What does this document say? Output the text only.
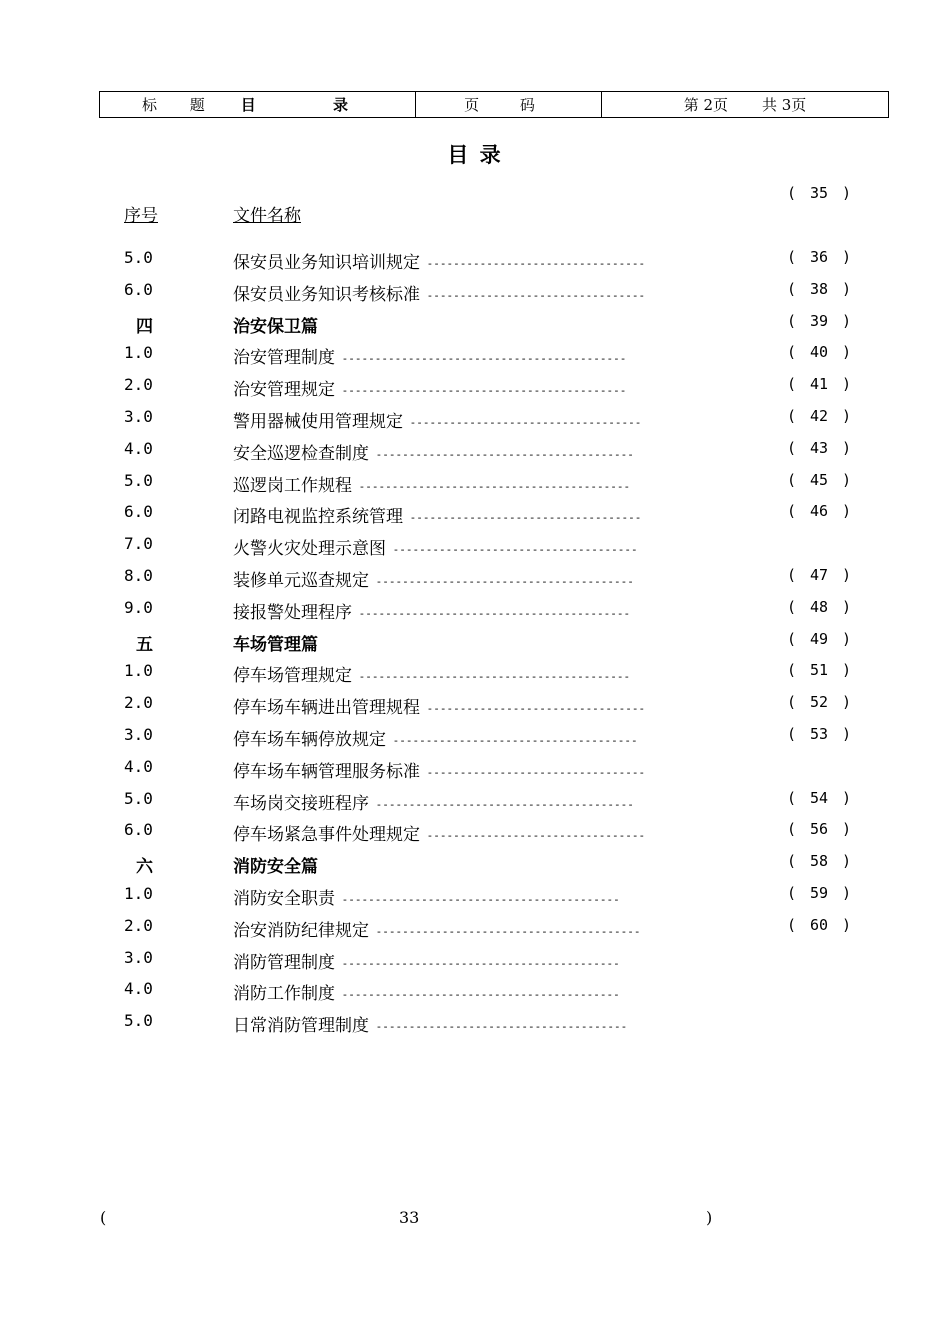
标 题 目 录	页 码	第 2页 共 3页
目 录
序号	文件名称
( 35 )
5.0	保安员业务知识培训规定 ---------------------------------	( 36 )
6.0	保安员业务知识考核标准 ---------------------------------	( 38 )
四	治安保卫篇	( 39 )
1.0	治安管理制度 -------------------------------------------	( 40 )
2.0	治安管理规定 -------------------------------------------	( 41 )
3.0	警用器械使用管理规定 -----------------------------------	( 42 )
4.0	安全巡逻检查制度 ---------------------------------------	( 43 )
5.0	巡逻岗工作规程 -----------------------------------------	( 45 )
6.0	闭路电视监控系统管理 -----------------------------------	( 46 )
7.0	火警火灾处理示意图 -------------------------------------
8.0	装修单元巡查规定 ---------------------------------------	( 47 )
9.0	接报警处理程序 -----------------------------------------	( 48 )
五	车场管理篇	( 49 )
1.0	停车场管理规定 -----------------------------------------	( 51 )
2.0	停车场车辆进出管理规程 ---------------------------------	( 52 )
3.0	停车场车辆停放规定 -------------------------------------	( 53 )
4.0	停车场车辆管理服务标准 ---------------------------------
5.0	车场岗交接班程序 ---------------------------------------	( 54 )
6.0	停车场紧急事件处理规定 ---------------------------------	( 56 )
六	消防安全篇	( 58 )
1.0	消防安全职责 ------------------------------------------	( 59 )
2.0	治安消防纪律规定 ----------------------------------------	( 60 )
3.0	消防管理制度 ------------------------------------------
4.0	消防工作制度 ------------------------------------------
5.0	日常消防管理制度 --------------------------------------
(	33	)
